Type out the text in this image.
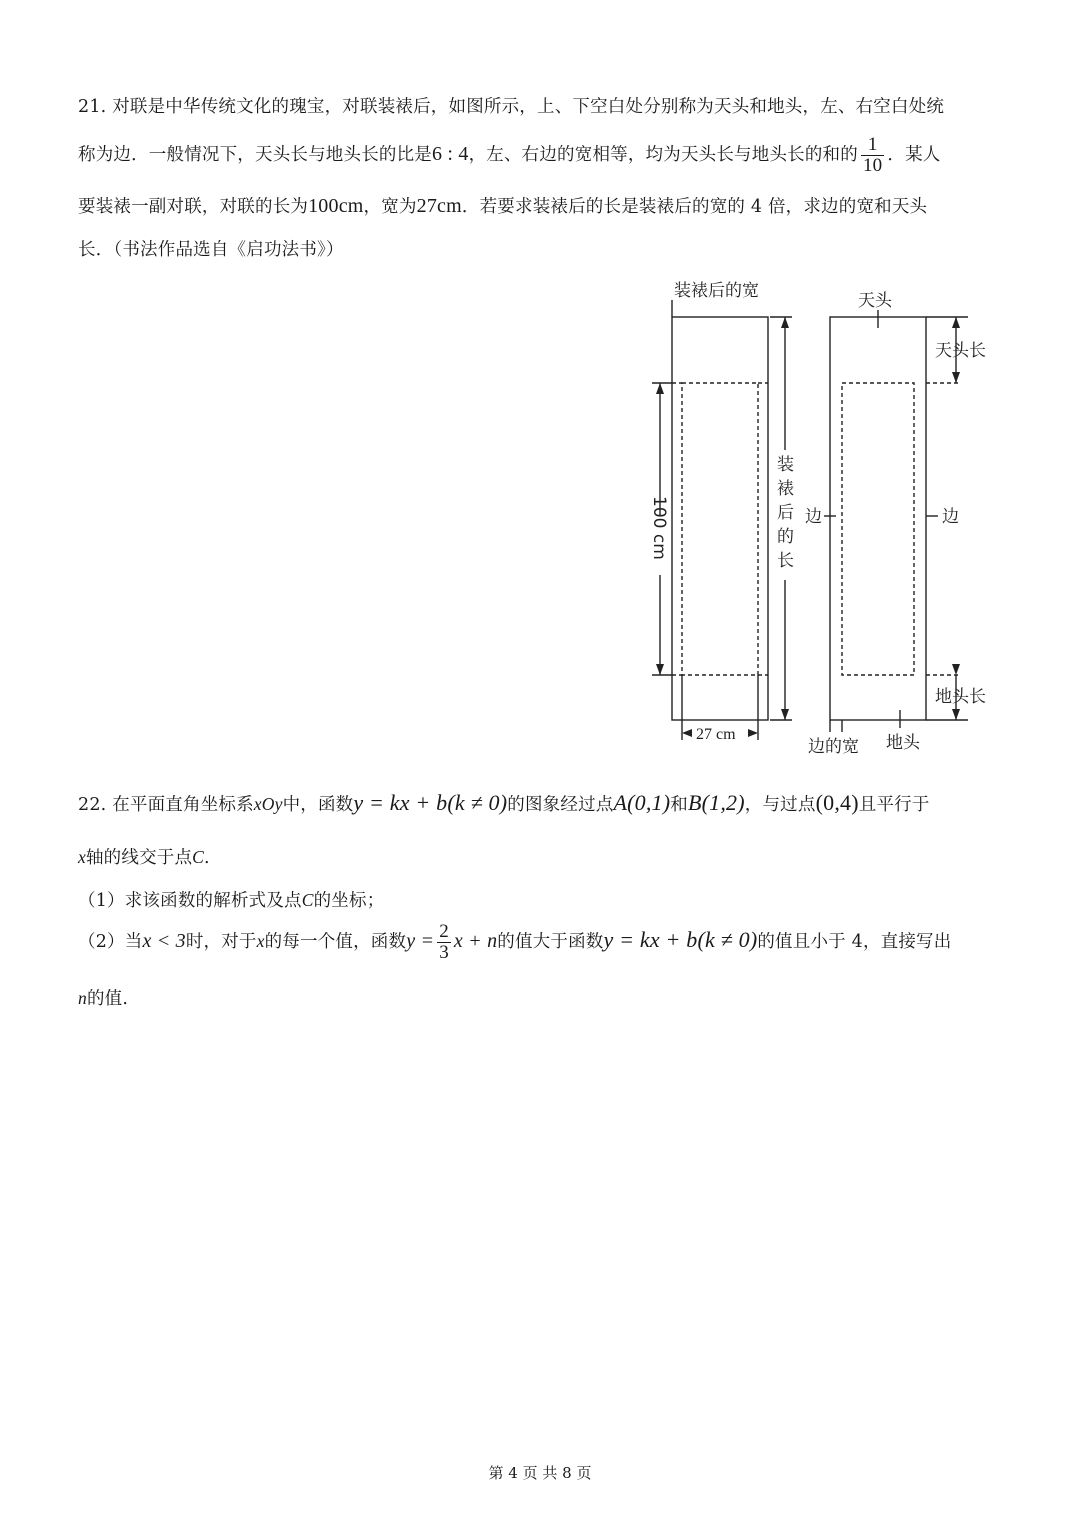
21. 对联是中华传统文化的瑰宝，对联装裱后，如图所示，上、下空白处分别称为天头和地头，左、右空白处统
称为边．一般情况下，天头长与地头长的比是6 : 4，左、右边的宽相等，均为天头长与地头长的和的 $\frac{1}{10}$ ．某人
要装裱一副对联，对联的长为100cm，宽为27cm．若要求装裱后的长是装裱后的宽的 4 倍，求边的宽和天头
长．（书法作品选自《启功法书》）
装裱后的宽
100 cm
装
裱
后
的
长
27 cm
天头
天头长
边	边
地头长
边的宽 地头
22. 在平面直角坐标系xOy中，函数y = kx + b(k ≠ 0)的图象经过点A(0,1)和B(1,2)，与过点(0,4)且平行于
x轴的线交于点C.
（1）求该函数的解析式及点C的坐标；
（2）当x < 3时，对于x的每一个值，函数$y = \frac{2}{3}$ x + n的值大于函数y = kx + b(k ≠ 0)的值且小于 4，直接写出
n的值.
第 4 页 共 8 页
